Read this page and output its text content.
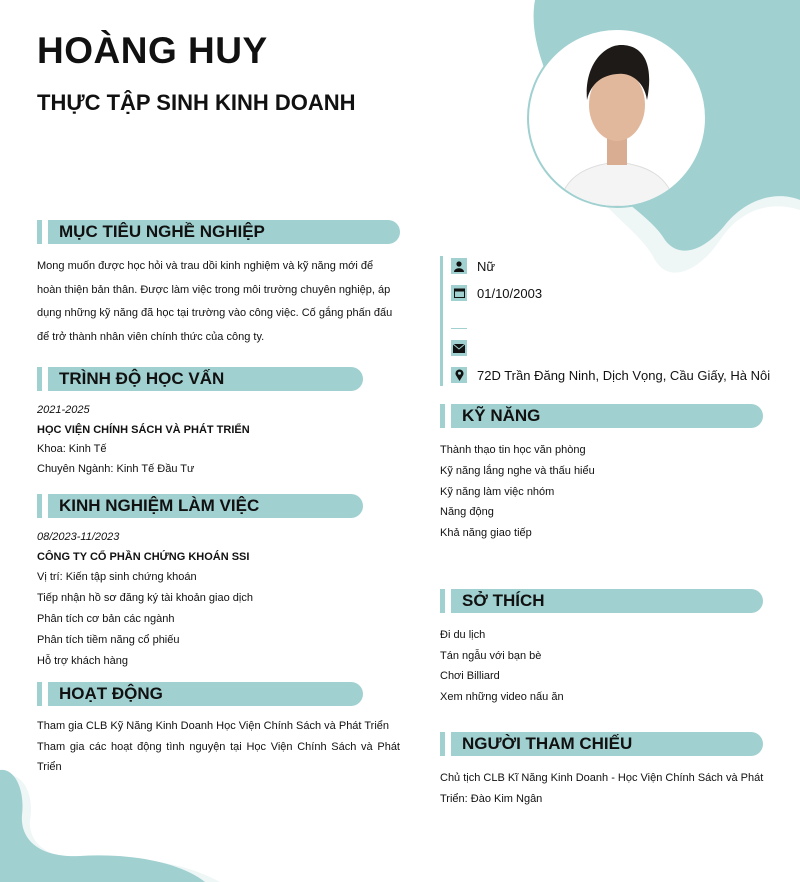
HOÀNG HUY
THỰC TẬP SINH KINH DOANH
MỤC TIÊU NGHỀ NGHIỆP
Mong muốn được học hỏi và trau dồi kinh nghiệm và kỹ năng mới để hoàn thiện bản thân. Được làm việc trong môi trường chuyên nghiệp, áp dụng những kỹ năng đã học tại trường vào công việc. Cố gắng phấn đấu để trở thành nhân viên chính thức của công ty.
TRÌNH ĐỘ HỌC VẤN
2021-2025
HỌC VIỆN CHÍNH SÁCH VÀ PHÁT TRIỂN
Khoa: Kinh Tế
Chuyên Ngành: Kinh Tế Đầu Tư
KINH NGHIỆM LÀM VIỆC
08/2023-11/2023
CÔNG TY CỔ PHẦN CHỨNG KHOÁN SSI
Vị trí: Kiến tập sinh chứng khoán
Tiếp nhận hồ sơ đăng ký tài khoản giao dịch
Phân tích cơ bản các ngành
Phân tích tiềm năng cổ phiếu
Hỗ trợ khách hàng
HOẠT ĐỘNG
Tham gia CLB Kỹ Năng Kinh Doanh Học Viện Chính Sách và Phát Triển
Tham gia các hoạt động tình nguyện tại Học Viện Chính Sách và Phát Triển
Nữ
01/10/2003
72D Trần Đăng Ninh, Dịch Vọng, Cầu Giấy, Hà Nôi
KỸ NĂNG
Thành thạo tin học văn phòng
Kỹ năng lắng nghe và thấu hiểu
Kỹ năng làm việc nhóm
Năng động
Khả năng giao tiếp
SỞ THÍCH
Đi du lịch
Tán ngẫu với bạn bè
Chơi Billiard
Xem những video nấu ăn
NGƯỜI THAM CHIẾU
Chủ tịch CLB Kĩ Năng Kinh Doanh - Học Viện Chính Sách và Phát Triển: Đào Kim Ngân
